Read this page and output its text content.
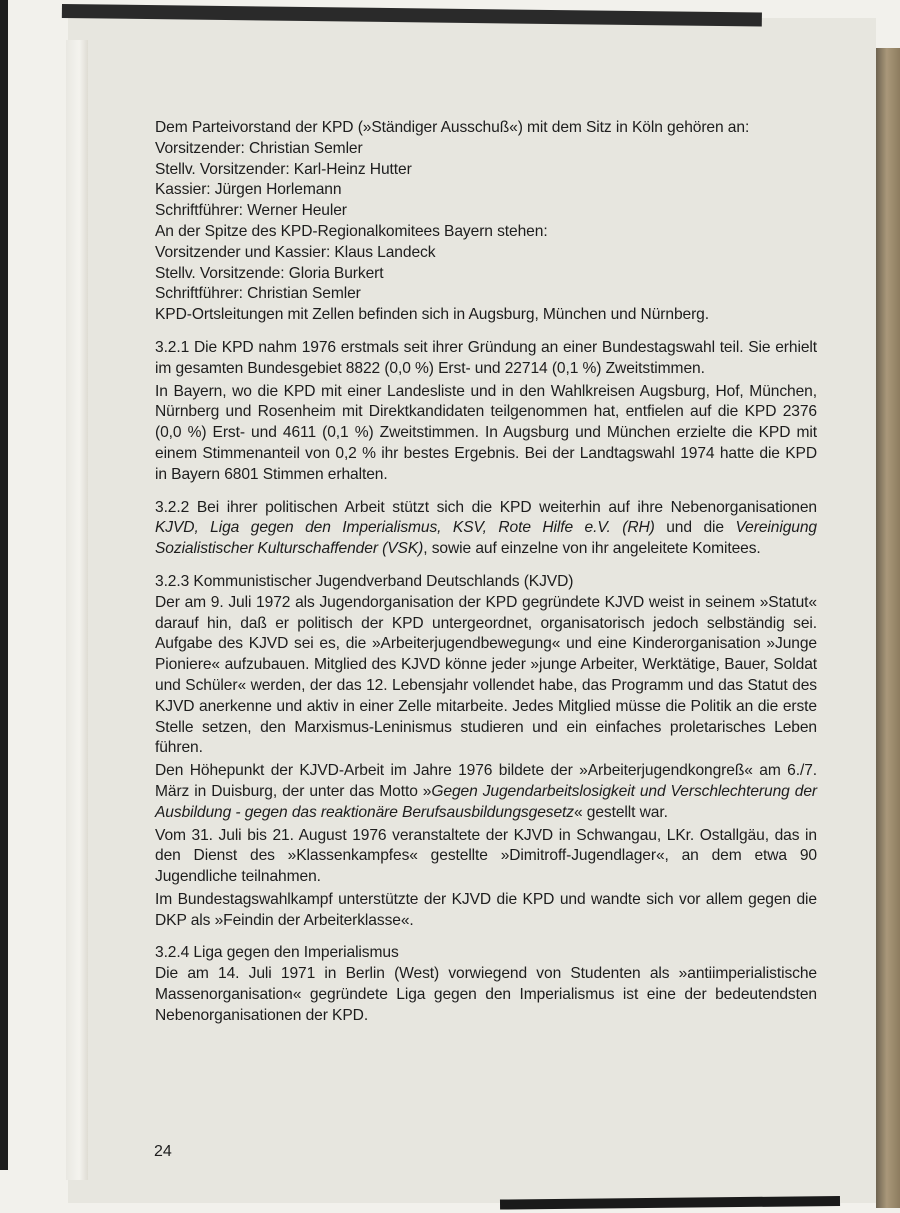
Dem Parteivorstand der KPD (»Ständiger Ausschuß«) mit dem Sitz in Köln gehören an:
Vorsitzender: Christian Semler
Stellv. Vorsitzender: Karl-Heinz Hutter
Kassier: Jürgen Horlemann
Schriftführer: Werner Heuler
An der Spitze des KPD-Regionalkomitees Bayern stehen:
Vorsitzender und Kassier: Klaus Landeck
Stellv. Vorsitzende: Gloria Burkert
Schriftführer: Christian Semler
KPD-Ortsleitungen mit Zellen befinden sich in Augsburg, München und Nürnberg.
3.2.1 Die KPD nahm 1976 erstmals seit ihrer Gründung an einer Bundestagswahl teil. Sie erhielt im gesamten Bundesgebiet 8822 (0,0 %) Erst- und 22714 (0,1 %) Zweitstimmen.
In Bayern, wo die KPD mit einer Landesliste und in den Wahlkreisen Augsburg, Hof, München, Nürnberg und Rosenheim mit Direktkandidaten teilgenommen hat, entfielen auf die KPD 2376 (0,0 %) Erst- und 4611 (0,1 %) Zweitstimmen. In Augsburg und München erzielte die KPD mit einem Stimmenanteil von 0,2 % ihr bestes Ergebnis. Bei der Landtagswahl 1974 hatte die KPD in Bayern 6801 Stimmen erhalten.
3.2.2 Bei ihrer politischen Arbeit stützt sich die KPD weiterhin auf ihre Nebenorganisationen KJVD, Liga gegen den Imperialismus, KSV, Rote Hilfe e.V. (RH) und die Vereinigung Sozialistischer Kulturschaffender (VSK), sowie auf einzelne von ihr angeleitete Komitees.
3.2.3 Kommunistischer Jugendverband Deutschlands (KJVD)
Der am 9. Juli 1972 als Jugendorganisation der KPD gegründete KJVD weist in seinem »Statut« darauf hin, daß er politisch der KPD untergeordnet, organisatorisch jedoch selbständig sei. Aufgabe des KJVD sei es, die »Arbeiterjugendbewegung« und eine Kinderorganisation »Junge Pioniere« aufzubauen. Mitglied des KJVD könne jeder »junge Arbeiter, Werktätige, Bauer, Soldat und Schüler« werden, der das 12. Lebensjahr vollendet habe, das Programm und das Statut des KJVD anerkenne und aktiv in einer Zelle mitarbeite. Jedes Mitglied müsse die Politik an die erste Stelle setzen, den Marxismus-Leninismus studieren und ein einfaches proletarisches Leben führen.
Den Höhepunkt der KJVD-Arbeit im Jahre 1976 bildete der »Arbeiterjugendkongreß« am 6./7. März in Duisburg, der unter das Motto »Gegen Jugendarbeitslosigkeit und Verschlechterung der Ausbildung - gegen das reaktionäre Berufsausbildungsgesetz« gestellt war.
Vom 31. Juli bis 21. August 1976 veranstaltete der KJVD in Schwangau, LKr. Ostallgäu, das in den Dienst des »Klassenkampfes« gestellte »Dimitroff-Jugendlager«, an dem etwa 90 Jugendliche teilnahmen.
Im Bundestagswahlkampf unterstützte der KJVD die KPD und wandte sich vor allem gegen die DKP als »Feindin der Arbeiterklasse«.
3.2.4 Liga gegen den Imperialismus
Die am 14. Juli 1971 in Berlin (West) vorwiegend von Studenten als »antiimperialistische Massenorganisation« gegründete Liga gegen den Imperialismus ist eine der bedeutendsten Nebenorganisationen der KPD.
24
